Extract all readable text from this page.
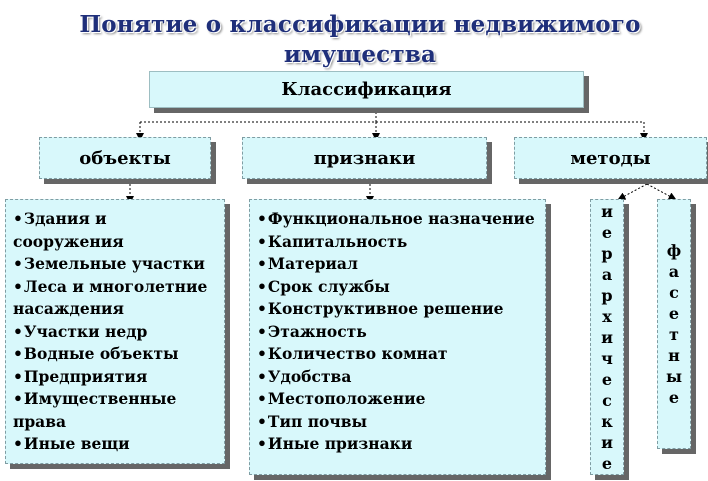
Понятие о классификации недвижимого
имущества
Классификация
объекты	признаки	методы
• Здания и сооружения
• Земельные участки
• Леса и многолетние насаждения
• Участки недр
• Водные объекты
• Предприятия
• Имущественные права
• Иные вещи
• Функциональное назначение
• Капитальность
• Материал
• Срок службы
• Конструктивное решение
• Этажность
• Количество комнат
• Удобства
• Местоположение
• Тип почвы
• Иные признаки
и
е
р
а
р
х
и
ч
е
с
к
и
е
ф
а
с
е
т
н
ы
е
